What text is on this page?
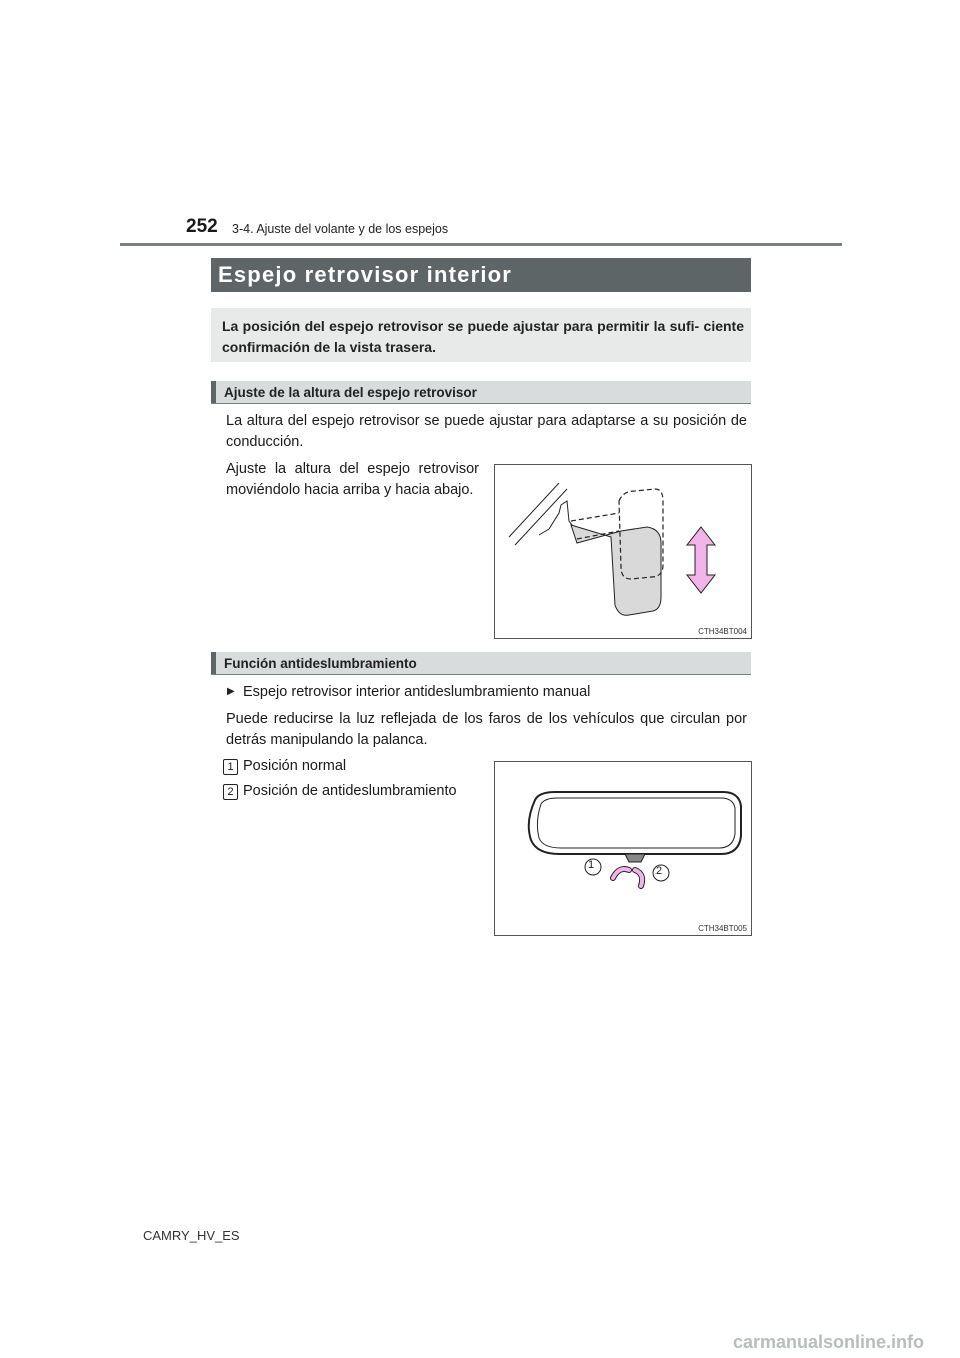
252 3-4. Ajuste del volante y de los espejos
Espejo retrovisor interior
La posición del espejo retrovisor se puede ajustar para permitir la sufi- ciente confirmación de la vista trasera.
Ajuste de la altura del espejo retrovisor
La altura del espejo retrovisor se puede ajustar para adaptarse a su posición de conducción.
Ajuste la altura del espejo retrovisor moviéndolo hacia arriba y hacia abajo.
CTH34BT004
Función antideslumbramiento
▶ Espejo retrovisor interior antideslumbramiento manual
Puede reducirse la luz reflejada de los faros de los vehículos que circulan por detrás manipulando la palanca.
1 Posición normal
2 Posición de antideslumbramiento
1	2
CTH34BT005
CAMRY_HV_ES
carmanualsonline.info
